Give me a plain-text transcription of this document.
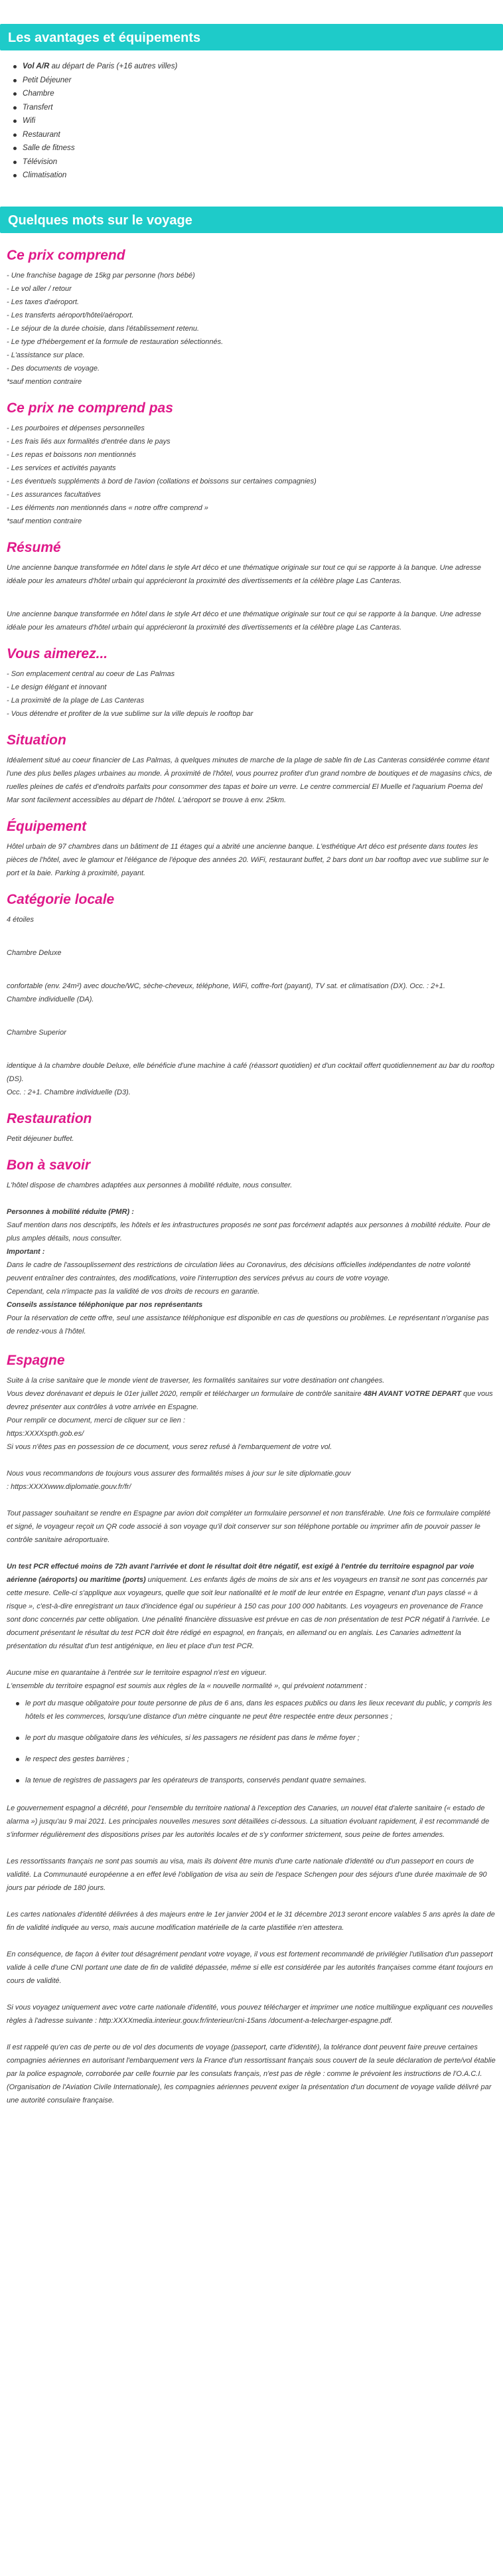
Les avantages et équipements
Vol A/R au départ de Paris (+16 autres villes)
Petit Déjeuner
Chambre
Transfert
Wifi
Restaurant
Salle de fitness
Télévision
Climatisation
Quelques mots sur le voyage
Ce prix comprend
- Une franchise bagage de 15kg par personne (hors bébé)
- Le vol aller / retour
- Les taxes d'aéroport.
- Les transferts aéroport/hôtel/aéroport.
- Le séjour de la durée choisie, dans l'établissement retenu.
- Le type d'hébergement et la formule de restauration sélectionnés.
- L'assistance sur place.
- Des documents de voyage.
*sauf mention contraire
Ce prix ne comprend pas
- Les pourboires et dépenses personnelles
- Les frais liés aux formalités d'entrée dans le pays
- Les repas et boissons non mentionnés
- Les services et activités payants
- Les éventuels suppléments à bord de l'avion (collations et boissons sur certaines compagnies)
- Les assurances facultatives
- Les éléments non mentionnés dans « notre offre comprend »
*sauf mention contraire
Résumé

Une ancienne banque transformée en hôtel dans le style Art déco et une thématique originale sur tout ce qui se rapporte à la banque. Une adresse idéale pour les amateurs d'hôtel urbain qui apprécieront la proximité des divertissements et la célèbre plage Las Canteras.

Une ancienne banque transformée en hôtel dans le style Art déco et une thématique originale sur tout ce qui se rapporte à la banque. Une adresse idéale pour les amateurs d'hôtel urbain qui apprécieront la proximité des divertissements et la célèbre plage Las Canteras.

Vous aimerez...
- Son emplacement central au coeur de Las Palmas
- Le design élégant et innovant
- La proximité de la plage de Las Canteras
- Vous détendre et profiter de la vue sublime sur la ville depuis le rooftop bar
Situation

Idéalement situé au coeur financier de Las Palmas, à quelques minutes de marche de la plage de sable fin de Las Canteras considérée comme étant l'une des plus belles plages urbaines au monde. À proximité de l'hôtel, vous pourrez profiter d'un grand nombre de boutiques et de magasins chics, de ruelles pleines de cafés et d'endroits parfaits pour consommer des tapas et boire un verre. Le centre commercial El Muelle et l'aquarium Poema del Mar sont facilement accessibles au départ de l'hôtel. L'aéroport se trouve à env. 25km.

Équipement

Hôtel urbain de 97 chambres dans un bâtiment de 11 étages qui a abrité une ancienne banque. L'esthétique Art déco est présente dans toutes les pièces de l'hôtel, avec le glamour et l'élégance de l'époque des années 20. WiFi, restaurant buffet, 2 bars dont un bar rooftop avec vue sublime sur le port et la baie. Parking à proximité, payant.

Catégorie locale

4 étoiles

Chambre Deluxe

confortable (env. 24m²) avec douche/WC, sèche-cheveux, téléphone, WiFi, coffre-fort (payant), TV sat. et climatisation (DX). Occ. : 2+1.

Chambre individuelle (DA).

Chambre Superior

identique à la chambre double Deluxe, elle bénéficie d'une machine à café (réassort quotidien) et d'un cocktail offert quotidiennement au bar du rooftop (DS).

Occ. : 2+1. Chambre individuelle (D3).

Restauration

Petit déjeuner buffet.

Bon à savoir

L'hôtel dispose de chambres adaptées aux personnes à mobilité réduite, nous consulter.

Personnes à mobilité réduite (PMR) :

Sauf mention dans nos descriptifs, les hôtels et les infrastructures proposés ne sont pas forcément adaptés aux personnes à mobilité réduite. Pour de plus amples détails, nous consulter.

Important :

Dans le cadre de l'assouplissement des restrictions de circulation liées au Coronavirus, des décisions officielles indépendantes de notre volonté peuvent entraîner des contraintes, des modifications, voire l'interruption des services prévus au cours de votre voyage.

Cependant, cela n'impacte pas la validité de vos droits de recours en garantie.

Conseils assistance téléphonique par nos représentants

Pour la réservation de cette offre, seul une assistance téléphonique est disponible en cas de questions ou problèmes. Le représentant n'organise pas de rendez-vous à l'hôtel.

Espagne

Suite à la crise sanitaire que le monde vient de traverser, les formalités sanitaires sur votre destination ont changées.

Vous devez dorénavant et depuis le 01er juillet 2020, remplir et télécharger un formulaire de contrôle sanitaire 48H AVANT VOTRE DEPART que vous devrez présenter aux contrôles à votre arrivée en Espagne.

Pour remplir ce document, merci de cliquer sur ce lien :

https:XXXXspth.gob.es/

Si vous n'êtes pas en possession de ce document, vous serez refusé à l'embarquement de votre vol.

Nous vous recommandons de toujours vous assurer des formalités mises à jour sur le site diplomatie.gouv

: https:XXXXwww.diplomatie.gouv.fr/fr/

Tout passager souhaitant se rendre en Espagne par avion doit compléter un formulaire personnel et non transférable. Une fois ce formulaire complété et signé, le voyageur reçoit un QR code associé à son voyage qu'il doit conserver sur son téléphone portable ou imprimer afin de pouvoir passer le contrôle sanitaire aéroportuaire.

Un test PCR effectué moins de 72h avant l'arrivée et dont le résultat doit être négatif, est exigé à l'entrée du territoire espagnol par voie aérienne (aéroports) ou maritime (ports) uniquement. Les enfants âgés de moins de six ans et les voyageurs en transit ne sont pas concernés par cette mesure. Celle-ci s'applique aux voyageurs, quelle que soit leur nationalité et le motif de leur entrée en Espagne, venant d'un pays classé « à risque », c'est-à-dire enregistrant un taux d'incidence égal ou supérieur à 150 cas pour 100 000 habitants. Les voyageurs en provenance de France sont donc concernés par cette obligation. Une pénalité financière dissuasive est prévue en cas de non présentation de test PCR négatif à l'arrivée. Le document présentant le résultat du test PCR doit être rédigé en espagnol, en français, en allemand ou en anglais. Les Canaries admettent la présentation du résultat d'un test antigénique, en lieu et place d'un test PCR.

Aucune mise en quarantaine à l'entrée sur le territoire espagnol n'est en vigueur.

L'ensemble du territoire espagnol est soumis aux règles de la « nouvelle normalité », qui prévoient notamment :

le port du masque obligatoire pour toute personne de plus de 6 ans, dans les espaces publics ou dans les lieux recevant du public, y compris les hôtels et les commerces, lorsqu'une distance d'un mètre cinquante ne peut être respectée entre deux personnes ;
le port du masque obligatoire dans les véhicules, si les passagers ne résident pas dans le même foyer ;
le respect des gestes barrières ;
la tenue de registres de passagers par les opérateurs de transports, conservés pendant quatre semaines.

Le gouvernement espagnol a décrété, pour l'ensemble du territoire national à l'exception des Canaries, un nouvel état d'alerte sanitaire (« estado de alarma ») jusqu'au 9 mai 2021. Les principales nouvelles mesures sont détaillées ci-dessous. La situation évoluant rapidement, il est recommandé de s'informer régulièrement des dispositions prises par les autorités locales et de s'y conformer strictement, sous peine de fortes amendes.

Les ressortissants français ne sont pas soumis au visa, mais ils doivent être munis d'une carte nationale d'identité ou d'un passeport en cours de validité. La Communauté européenne a en effet levé l'obligation de visa au sein de l'espace Schengen pour des séjours d'une durée maximale de 90 jours par période de 180 jours.

Les cartes nationales d'identité délivrées à des majeurs entre le 1er janvier 2004 et le 31 décembre 2013 seront encore valables 5 ans après la date de fin de validité indiquée au verso, mais aucune modification matérielle de la carte plastifiée n'en attestera.

En conséquence, de façon à éviter tout désagrément pendant votre voyage, il vous est fortement recommandé de privilégier l'utilisation d'un passeport valide à celle d'une CNI portant une date de fin de validité dépassée, même si elle est considérée par les autorités françaises comme étant toujours en cours de validité.

Si vous voyagez uniquement avec votre carte nationale d'identité, vous pouvez télécharger et imprimer une notice multilingue expliquant ces nouvelles règles à l'adresse suivante : http:XXXXmedia.interieur.gouv.fr/interieur/cni-15ans /document-a-telecharger-espagne.pdf.

Il est rappelé qu'en cas de perte ou de vol des documents de voyage (passeport, carte d'identité), la tolérance dont peuvent faire preuve certaines compagnies aériennes en autorisant l'embarquement vers la France d'un ressortissant français sous couvert de la seule déclaration de perte/vol établie par la police espagnole, corroborée par celle fournie par les consulats français, n'est pas de règle : comme le prévoient les instructions de l'O.A.C.I. (Organisation de l'Aviation Civile Internationale), les compagnies aériennes peuvent exiger la présentation d'un document de voyage valide délivré par une autorité consulaire française.
